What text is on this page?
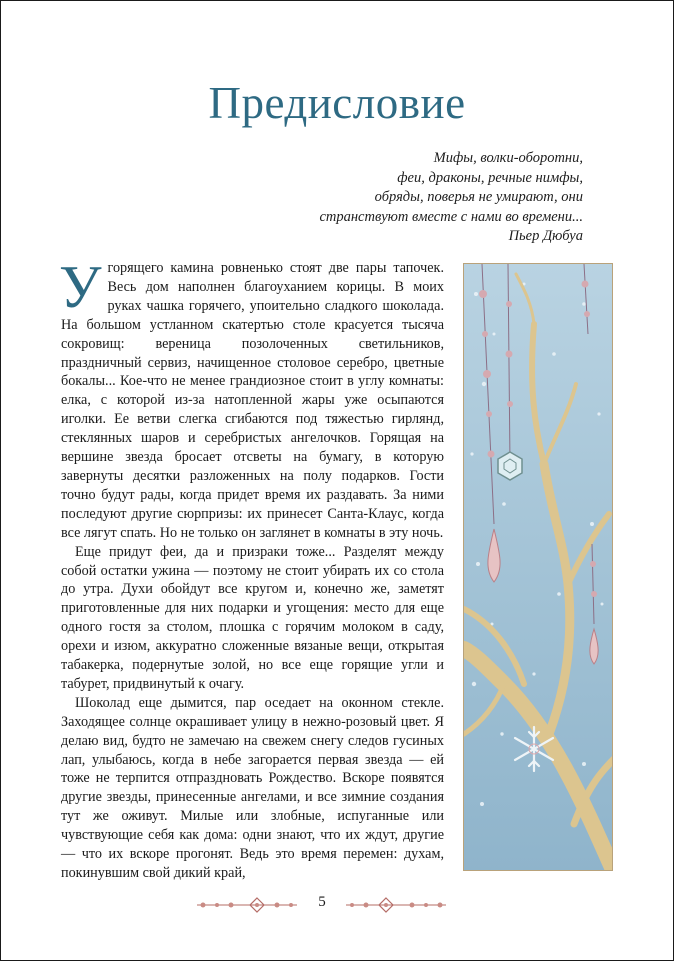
Предисловие
Мифы, волки-оборотни,
феи, драконы, речные нимфы,
обряды, поверья не умирают, они
странствуют вместе с нами во времени...
Пьер Дюбуа

Угорящего камина ровненько стоят две пары тапочек. Весь дом наполнен благоуханием корицы. В моих руках чашка горячего, упоительно сладкого шоколада. На большом устланном скатертью столе красуется тысяча сокровищ: вереница позолоченных светильников, праздничный сервиз, начищенное столовое серебро, цветные бокалы... Кое-что не менее грандиозное стоит в углу комнаты: елка, с которой из-за натопленной жары уже осыпаются иголки. Ее ветви слегка сгибаются под тяжестью гирлянд, стеклянных шаров и серебристых ангелочков. Горящая на вершине звезда бросает отсветы на бумагу, в которую завернуты десятки разложенных на полу подарков. Гости точно будут рады, когда придет время их раздавать. За ними последуют другие сюрпризы: их принесет Санта-Клаус, когда все лягут спать. Но не только он заглянет в комнаты в эту ночь.

Еще придут феи, да и призраки тоже... Разделят между собой остатки ужина — поэтому не стоит убирать их со стола до утра. Духи обойдут все кругом и, конечно же, заметят приготовленные для них подарки и угощения: место для еще одного гостя за столом, плошка с горячим молоком в саду, орехи и изюм, аккуратно сложенные вязаные вещи, открытая табакерка, подернутые золой, но все еще горящие угли и табурет, придвинутый к очагу.

Шоколад еще дымится, пар оседает на оконном стекле. Заходящее солнце окрашивает улицу в нежно-розовый цвет. Я делаю вид, будто не замечаю на свежем снегу следов гусиных лап, улыбаюсь, когда в небе загорается первая звезда — ей тоже не терпится отпраздновать Рождество. Вскоре появятся другие звезды, принесенные ангелами, и все зимние создания тут же оживут. Милые или злобные, испуганные или чувствующие себя как дома: одни знают, что их ждут, другие — что их вскоре прогонят. Ведь это время перемен: духам, покинувшим свой дикий край,

5
